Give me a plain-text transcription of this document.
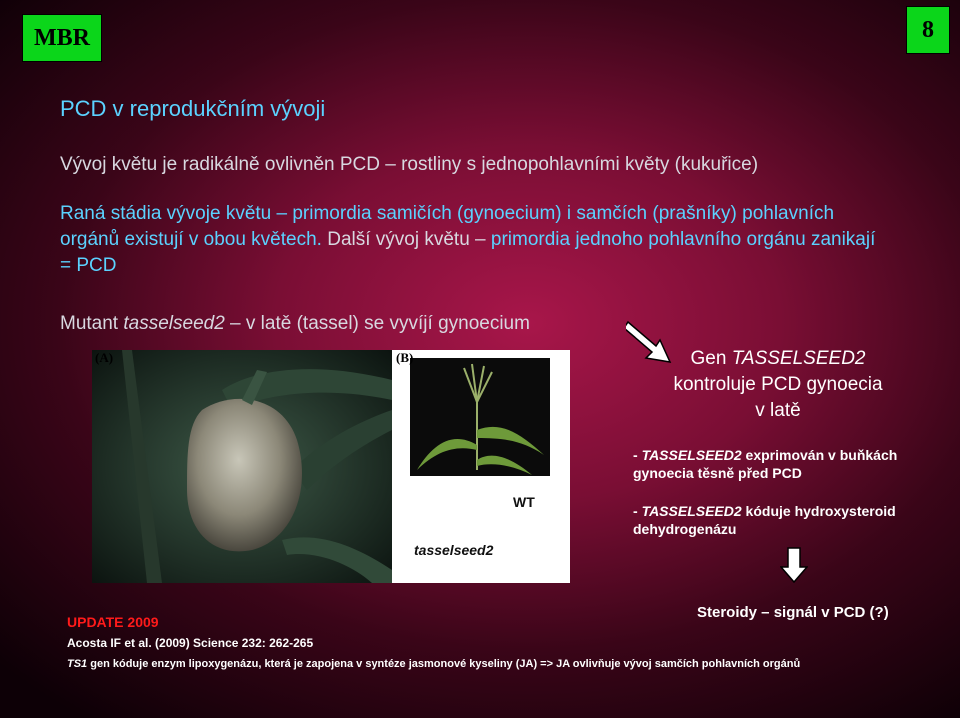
MBR	8
PCD v reprodukčním vývoji
Vývoj květu je radikálně ovlivněn PCD – rostliny s jednopohlavními květy (kukuřice)
Raná stádia vývoje květu – primordia samičích (gynoecium) i samčích (prašníky) pohlavních orgánů existují v obou květech. Další vývoj květu – primordia jednoho pohlavního orgánu zanikají = PCD
Mutant tasselseed2 – v latě (tassel) se vyvíjí gynoecium
(A)	(B)
WT
tasselseed2
Gen TASSELSEED2
kontroluje PCD gynoecia
v latě
- TASSELSEED2 exprimován v buňkách gynoecia těsně před PCD
- TASSELSEED2 kóduje hydroxysteroid dehydrogenázu
Steroidy – signál v PCD (?)
UPDATE 2009
Acosta IF et al. (2009) Science 232: 262-265
TS1 gen kóduje enzym lipoxygenázu, která je zapojena v syntéze jasmonové kyseliny (JA) => JA ovlivňuje vývoj samčích pohlavních orgánů
